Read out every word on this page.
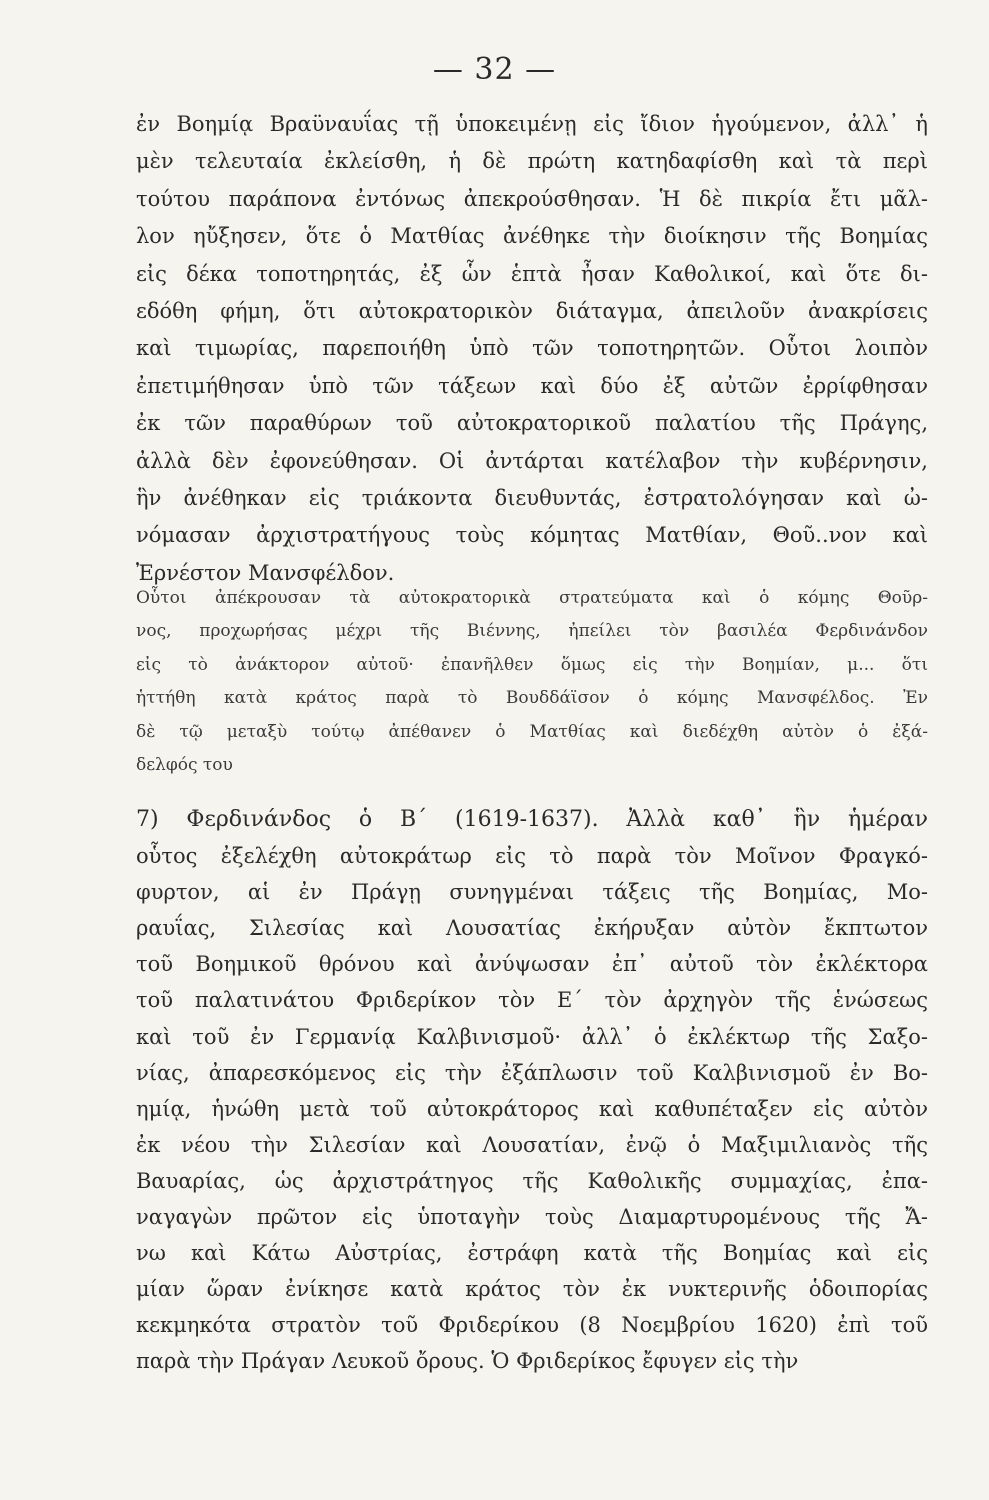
— 32 —
ἐν Βοημίᾳ Βραϋναυΐας τῇ ὑποκειμένῃ εἰς ἴδιον ἡγούμενον, ἀλλ᾽ ἡ
μὲν τελευταία ἐκλείσθη, ἡ δὲ πρώτη κατηδαφίσθη καὶ τὰ περὶ
τούτου παράπονα ἐντόνως ἀπεκρούσθησαν. Ἡ δὲ πικρία ἔτι μᾶλ-
λον ηὔξησεν, ὅτε ὁ Ματθίας ἀνέθηκε τὴν διοίκησιν τῆς Βοημίας
εἰς δέκα τοποτηρητάς, ἐξ ὧν ἑπτὰ ἦσαν Καθολικοί, καὶ ὅτε δι-
εδόθη φήμη, ὅτι αὐτοκρατορικὸν διάταγμα, ἀπειλοῦν ἀνακρίσεις
καὶ τιμωρίας, παρεποιήθη ὑπὸ τῶν τοποτηρητῶν. Οὗτοι λοιπὸν
ἐπετιμήθησαν ὑπὸ τῶν τάξεων καὶ δύο ἐξ αὐτῶν ἐρρίφθησαν
ἐκ τῶν παραθύρων τοῦ αὐτοκρατορικοῦ παλατίου τῆς Πράγης,
ἀλλὰ δὲν ἐφονεύθησαν. Οἱ ἀντάρται κατέλαβον τὴν κυβέρνησιν,
ἣν ἀνέθηκαν εἰς τριάκοντα διευθυντάς, ἐστρατολόγησαν καὶ ὠ-
νόμασαν ἀρχιστρατήγους τοὺς κόμητας Ματθίαν, Θοῦ..νον καὶ
Ἐρνέστον Μανσφέλδον.
Οὗτοι ἀπέκρουσαν τὰ αὐτοκρατορικὰ στρατεύματα καὶ ὁ κόμης Θοῦρ-
νος, προχωρήσας μέχρι τῆς Βιέννης, ἠπείλει τὸν βασιλέα Φερδινάνδον
εἰς τὸ ἀνάκτορον αὐτοῦ· ἐπανῆλθεν ὅμως εἰς τὴν Βοημίαν, μ... ὅτι
ἡττήθη κατὰ κράτος παρὰ τὸ Βουδδάϊσον ὁ κόμης Μανσφέλδος. Ἐν
δὲ τῷ μεταξὺ τούτῳ ἀπέθανεν ὁ Ματθίας καὶ διεδέχθη αὐτὸν ὁ ἐξά-
δελφός του
7) Φερδινάνδος ὁ Β΄ (1619-1637). Ἀλλὰ καθ᾽ ἣν ἡμέραν
οὗτος ἐξελέχθη αὐτοκράτωρ εἰς τὸ παρὰ τὸν Μοῖνον Φραγκό-
φυρτον, αἱ ἐν Πράγῃ συνηγμέναι τάξεις τῆς Βοημίας, Μο-
ραυΐας, Σιλεσίας καὶ Λουσατίας ἐκήρυξαν αὐτὸν ἔκπτωτον
τοῦ Βοημικοῦ θρόνου καὶ ἀνύψωσαν ἐπ᾽ αὐτοῦ τὸν ἐκλέκτορα
τοῦ παλατινάτου Φριδερίκον τὸν Ε΄ τὸν ἀρχηγὸν τῆς ἑνώσεως
καὶ τοῦ ἐν Γερμανίᾳ Καλβινισμοῦ· ἀλλ᾽ ὁ ἐκλέκτωρ τῆς Σαξο-
νίας, ἀπαρεσκόμενος εἰς τὴν ἐξάπλωσιν τοῦ Καλβινισμοῦ ἐν Βο-
ημίᾳ, ἡνώθη μετὰ τοῦ αὐτοκράτορος καὶ καθυπέταξεν εἰς αὐτὸν
ἐκ νέου τὴν Σιλεσίαν καὶ Λουσατίαν, ἐνῷ ὁ Μαξιμιλιανὸς τῆς
Βαυαρίας, ὡς ἀρχιστράτηγος τῆς Καθολικῆς συμμαχίας, ἐπα-
ναγαγὼν πρῶτον εἰς ὑποταγὴν τοὺς Διαμαρτυρομένους τῆς Ἄ-
νω καὶ Κάτω Αὐστρίας, ἐστράφη κατὰ τῆς Βοημίας καὶ εἰς
μίαν ὥραν ἐνίκησε κατὰ κράτος τὸν ἐκ νυκτερινῆς ὁδοιπορίας
κεκμηκότα στρατὸν τοῦ Φριδερίκου (8 Νοεμβρίου 1620) ἐπὶ τοῦ
παρὰ τὴν Πράγαν Λευκοῦ ὄρους. Ὁ Φριδερίκος ἔφυγεν εἰς τὴν
